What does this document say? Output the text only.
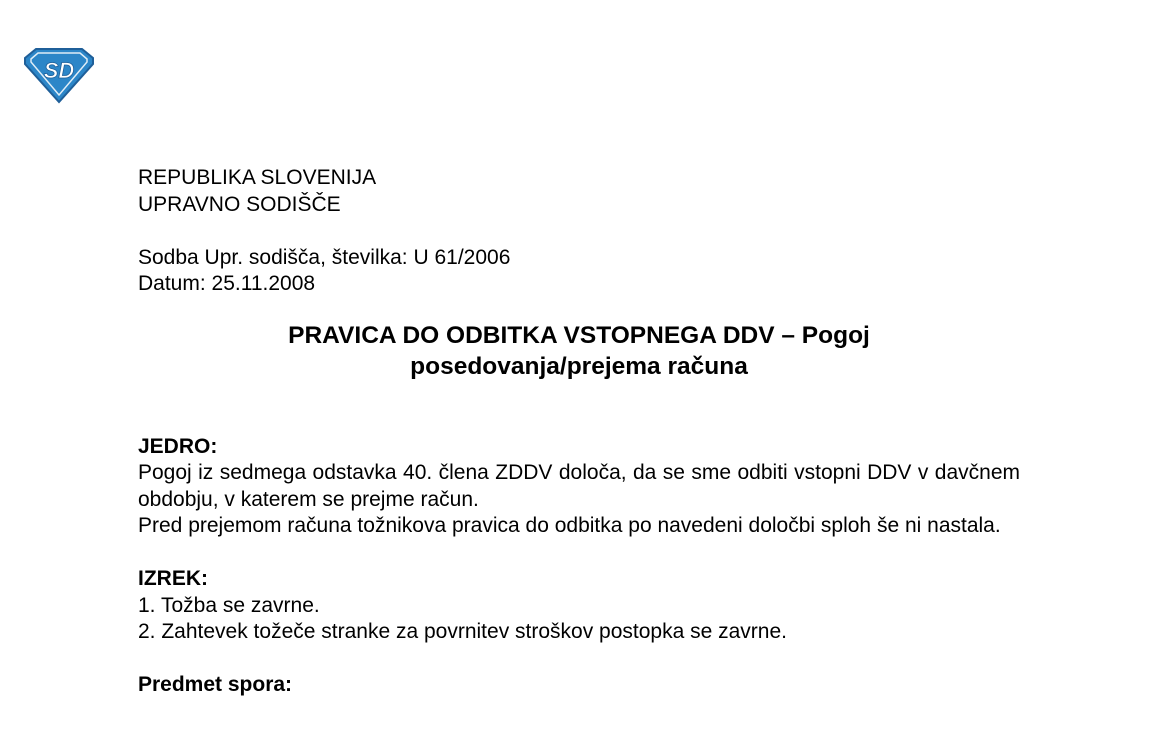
SD
REPUBLIKA SLOVENIJA
UPRAVNO SODIŠČE
Sodba Upr. sodišča, številka: U 61/2006
Datum: 25.11.2008
PRAVICA DO ODBITKA VSTOPNEGA DDV – Pogoj
posedovanja/prejema računa
JEDRO:
Pogoj iz sedmega odstavka 40. člena ZDDV določa, da se sme odbiti vstopni DDV v davčnem obdobju, v katerem se prejme račun.
Pred prejemom računa tožnikova pravica do odbitka po navedeni določbi sploh še ni nastala.
IZREK:
1. Tožba se zavrne.
2. Zahtevek tožeče stranke za povrnitev stroškov postopka se zavrne.
Predmet spora:
